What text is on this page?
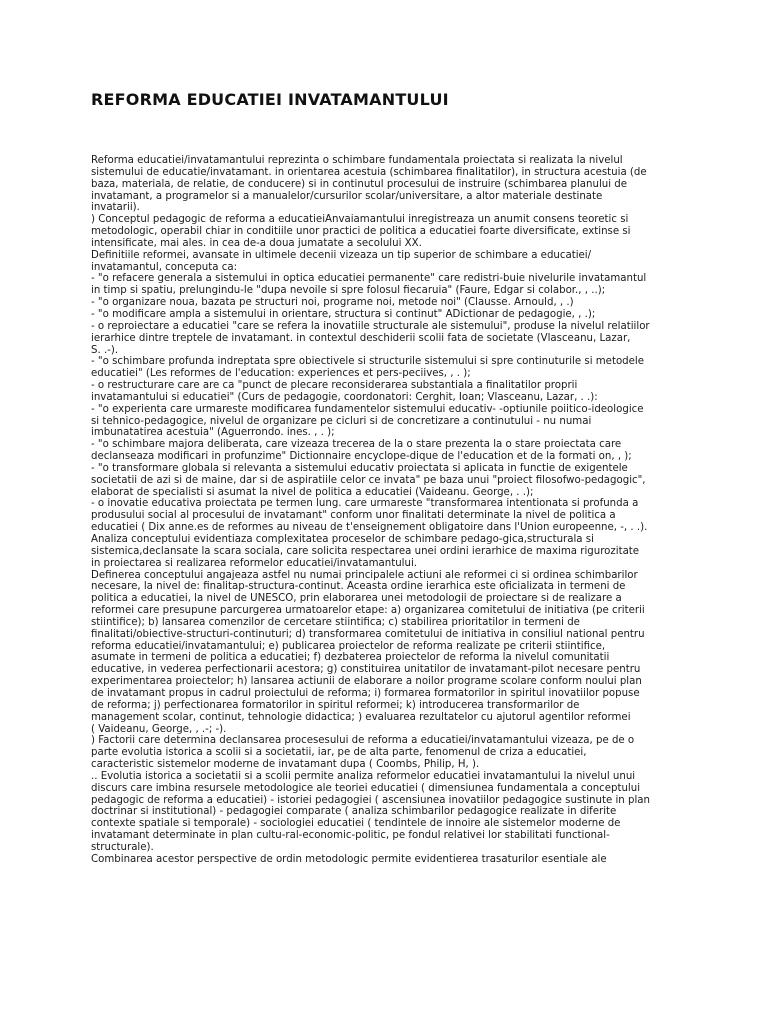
REFORMA EDUCATIEI INVATAMANTULUI
Reforma educatiei/invatamantului reprezinta o schimbare fundamentala proiectata si realizata la nivelul
sistemului de educatie/invatamant. in orientarea acestuia (schimbarea finalitatilor), in structura acestuia (de
baza, materiala, de relatie, de conducere) si in continutul procesului de instruire (schimbarea planului de
invatamant, a programelor si a manualelor/cursurilor scolar/universitare, a altor materiale destinate
invatarii).
) Conceptul pedagogic de reforma a educatieiAnvaiamantului inregistreaza un anumit consens teoretic si
metodologic, operabil chiar in conditiile unor practici de politica a educatiei foarte diversificate, extinse si
intensificate, mai ales. in cea de-a doua jumatate a secolului XX.
Definitiile reformei, avansate in ultimele decenii vizeaza un tip superior de schimbare a educatiei/
invatamantul, conceputa ca:
- "o refacere generala a sistemului in optica educatiei permanente" care redistri-buie nivelurile invatamantul
in timp si spatiu, prelungindu-le "dupa nevoile si spre folosul fiecaruia" (Faure, Edgar si colabor., , ..);
- "o organizare noua, bazata pe structuri noi, programe noi, metode noi" (Clausse. Arnould, , .)
- "o modificare ampla a sistemului in orientare, structura si continut" ADictionar de pedagogie, , .);
- o reproiectare a educatiei "care se refera la inovatiile structurale ale sistemului", produse la nivelul relatiilor
ierarhice dintre treptele de invatamant. in contextul deschiderii scolii fata de societate (Vlasceanu, Lazar,
S. .-).
- "o schimbare profunda indreptata spre obiectivele si structurile sistemului si spre continuturile si metodele
educatiei" (Les reformes de l'education: experiences et pers-peciives, , . );
- o restructurare care are ca "punct de plecare reconsiderarea substantiala a finalitatilor proprii
invatamantului si educatiei" (Curs de pedagogie, coordonatori: Cerghit, Ioan; Vlasceanu, Lazar, . .):
- "o experienta care urmareste modificarea fundamentelor sistemului educativ- -optiunile poiitico-ideologice
si tehnico-pedagogice, nivelul de organizare pe cicluri si de concretizare a continutului - nu numai
imbunatatirea acestuia" (Aguerrondo. ines. , . );
- "o schimbare majora deliberata, care vizeaza trecerea de la o stare prezenta la o stare proiectata care
declanseaza modificari in profunzime" Dictionnaire encyclope-dique de l'education et de la formati on, , );
- "o transformare globala si relevanta a sistemului educativ proiectata si aplicata in functie de exigentele
societatii de azi si de maine, dar si de aspiratiile celor ce invata" pe baza unui "proiect filosofwo-pedagogic",
elaborat de specialisti si asumat la nivel de politica a educatiei (Vaideanu. George, . .);
- o inovatie educativa proiectata pe termen lung. care urmareste "transformarea intentionata si profunda a
produsului social al procesului de invatamant" conform unor finalitati determinate la nivel de politica a
educatiei ( Dix anne.es de reformes au niveau de t'enseignement obligatoire dans l'Union europeenne, -, . .).
Analiza conceptului evidentiaza complexitatea proceselor de schimbare pedago-gica,structurala si
sistemica,declansate la scara sociala, care solicita respectarea unei ordini ierarhice de maxima rigurozitate
in proiectarea si realizarea reformelor educatiei/invatamantului.
Definerea conceptului angajeaza astfel nu numai principalele actiuni ale reformei ci si ordinea schimbarilor
necesare, la nivel de: finalitap-structura-continut. Aceasta ordine ierarhica este oficializata in termeni de
politica a educatiei, la nivel de UNESCO, prin elaborarea unei metodologii de proiectare si de realizare a
reformei care presupune parcurgerea urmatoarelor etape: a) organizarea comitetului de initiativa (pe criterii
stiintifice); b) lansarea comenzilor de cercetare stiintifica; c) stabilirea prioritatilor in termeni de
finalitati/obiective-structuri-continuturi; d) transformarea comitetului de initiativa in consiliul national pentru
reforma educatiei/invatamantului; e) publicarea proiectelor de reforma realizate pe criterii stiintifice,
asumate in termeni de politica a educatiei; f) dezbaterea proiectelor de reforma la nivelul comunitatii
educative, in vederea perfectionarii acestora; g) constituirea unitatilor de invatamant-pilot necesare pentru
experimentarea proiectelor; h) lansarea actiunii de elaborare a noilor programe scolare conform noului plan
de invatamant propus in cadrul proiectului de reforma; i) formarea formatorilor in spiritul inovatiilor popuse
de reforma; j) perfectionarea formatorilor in spiritul reformei; k) introducerea transformarilor de
management scolar, continut, tehnologie didactica; ) evaluarea rezultatelor cu ajutorul agentilor reformei
( Vaideanu, George, , .-; -).
) Factorii care determina declansarea procesesului de reforma a educatiei/invatamantului vizeaza, pe de o
parte evolutia istorica a scolii si a societatii, iar, pe de alta parte, fenomenul de criza a educatiei,
caracteristic sistemelor moderne de invatamant dupa ( Coombs, Philip, H, ).
.. Evolutia istorica a societatii si a scolii permite analiza reformelor educatiei invatamantului la nivelul unui
discurs care imbina resursele metodologice ale teoriei educatiei ( dimensiunea fundamentala a conceptului
pedagogic de reforma a educatiei) - istoriei pedagogiei ( ascensiunea inovatiilor pedagogice sustinute in plan
doctrinar si institutional) - pedagogiei comparate ( analiza schimbarilor pedagogice realizate in diferite
contexte spatiale si temporale) - sociologiei educatiei ( tendintele de innoire ale sistemelor moderne de
invatamant determinate in plan cultu-ral-economic-politic, pe fondul relativei lor stabilitati functional-
structurale).
Combinarea acestor perspective de ordin metodologic permite evidentierea trasaturilor esentiale ale
